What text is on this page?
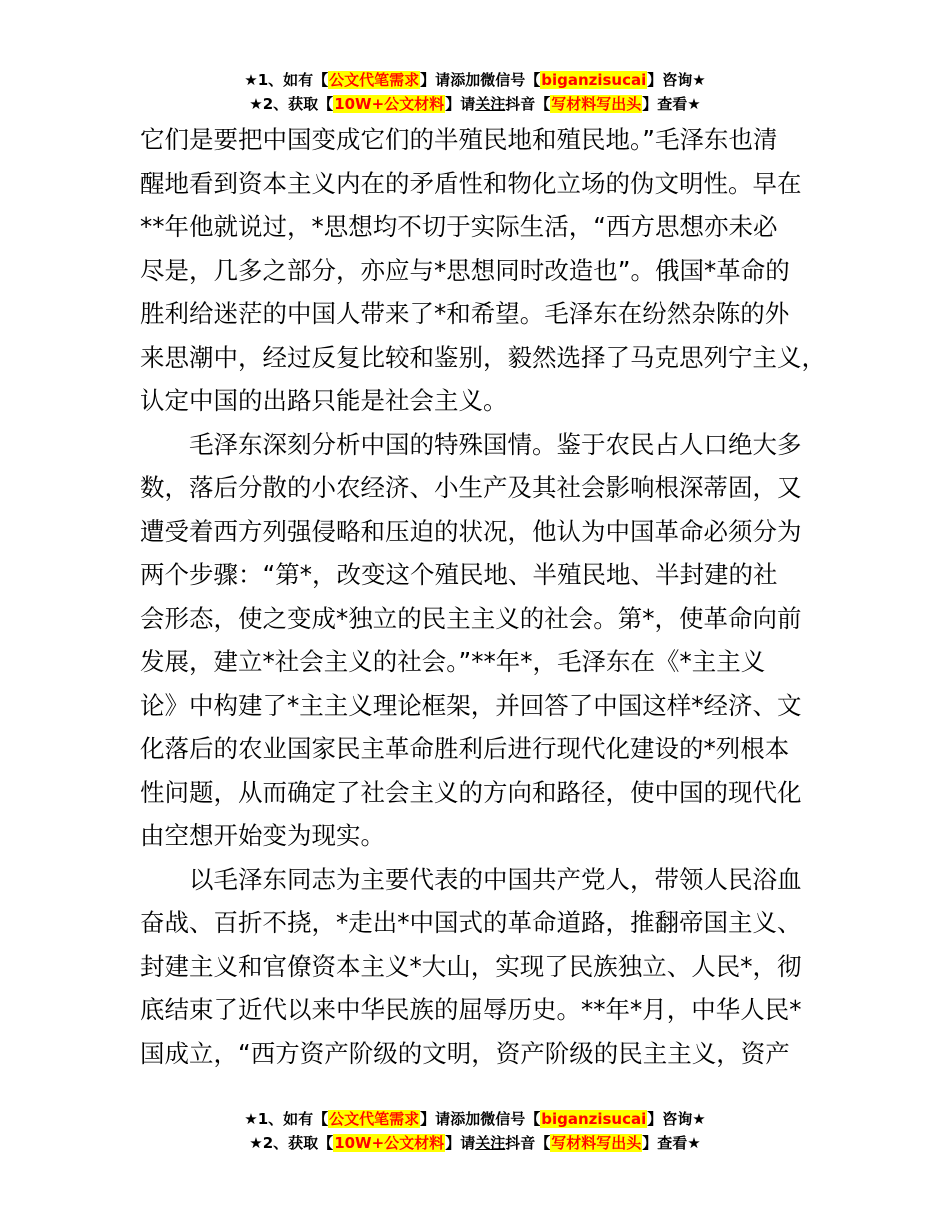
★1、如有【公文代笔需求】请添加微信号【biganzisucai】咨询★
★2、获取【10W+公文材料】请关注抖音【写材料写出头】查看★
它们是要把中国变成它们的半殖民地和殖民地。”毛泽东也清
醒地看到资本主义内在的矛盾性和物化立场的伪文明性。早在
**年他就说过，*思想均不切于实际生活，“西方思想亦未必
尽是，几多之部分，亦应与*思想同时改造也”。俄国*革命的
胜利给迷茫的中国人带来了*和希望。毛泽东在纷然杂陈的外
来思潮中，经过反复比较和鉴别，毅然选择了马克思列宁主义，
认定中国的出路只能是社会主义。
　　毛泽东深刻分析中国的特殊国情。鉴于农民占人口绝大多
数，落后分散的小农经济、小生产及其社会影响根深蒂固，又
遭受着西方列强侵略和压迫的状况，他认为中国革命必须分为
两个步骤：“第*，改变这个殖民地、半殖民地、半封建的社
会形态，使之变成*独立的民主主义的社会。第*，使革命向前
发展，建立*社会主义的社会。”**年*，毛泽东在《*主主义
论》中构建了*主主义理论框架，并回答了中国这样*经济、文
化落后的农业国家民主革命胜利后进行现代化建设的*列根本
性问题，从而确定了社会主义的方向和路径，使中国的现代化
由空想开始变为现实。
　　以毛泽东同志为主要代表的中国共产党人，带领人民浴血
奋战、百折不挠，*走出*中国式的革命道路，推翻帝国主义、
封建主义和官僚资本主义*大山，实现了民族独立、人民*，彻
底结束了近代以来中华民族的屈辱历史。**年*月，中华人民*
国成立，“西方资产阶级的文明，资产阶级的民主主义，资产
★1、如有【公文代笔需求】请添加微信号【biganzisucai】咨询★
★2、获取【10W+公文材料】请关注抖音【写材料写出头】查看★
